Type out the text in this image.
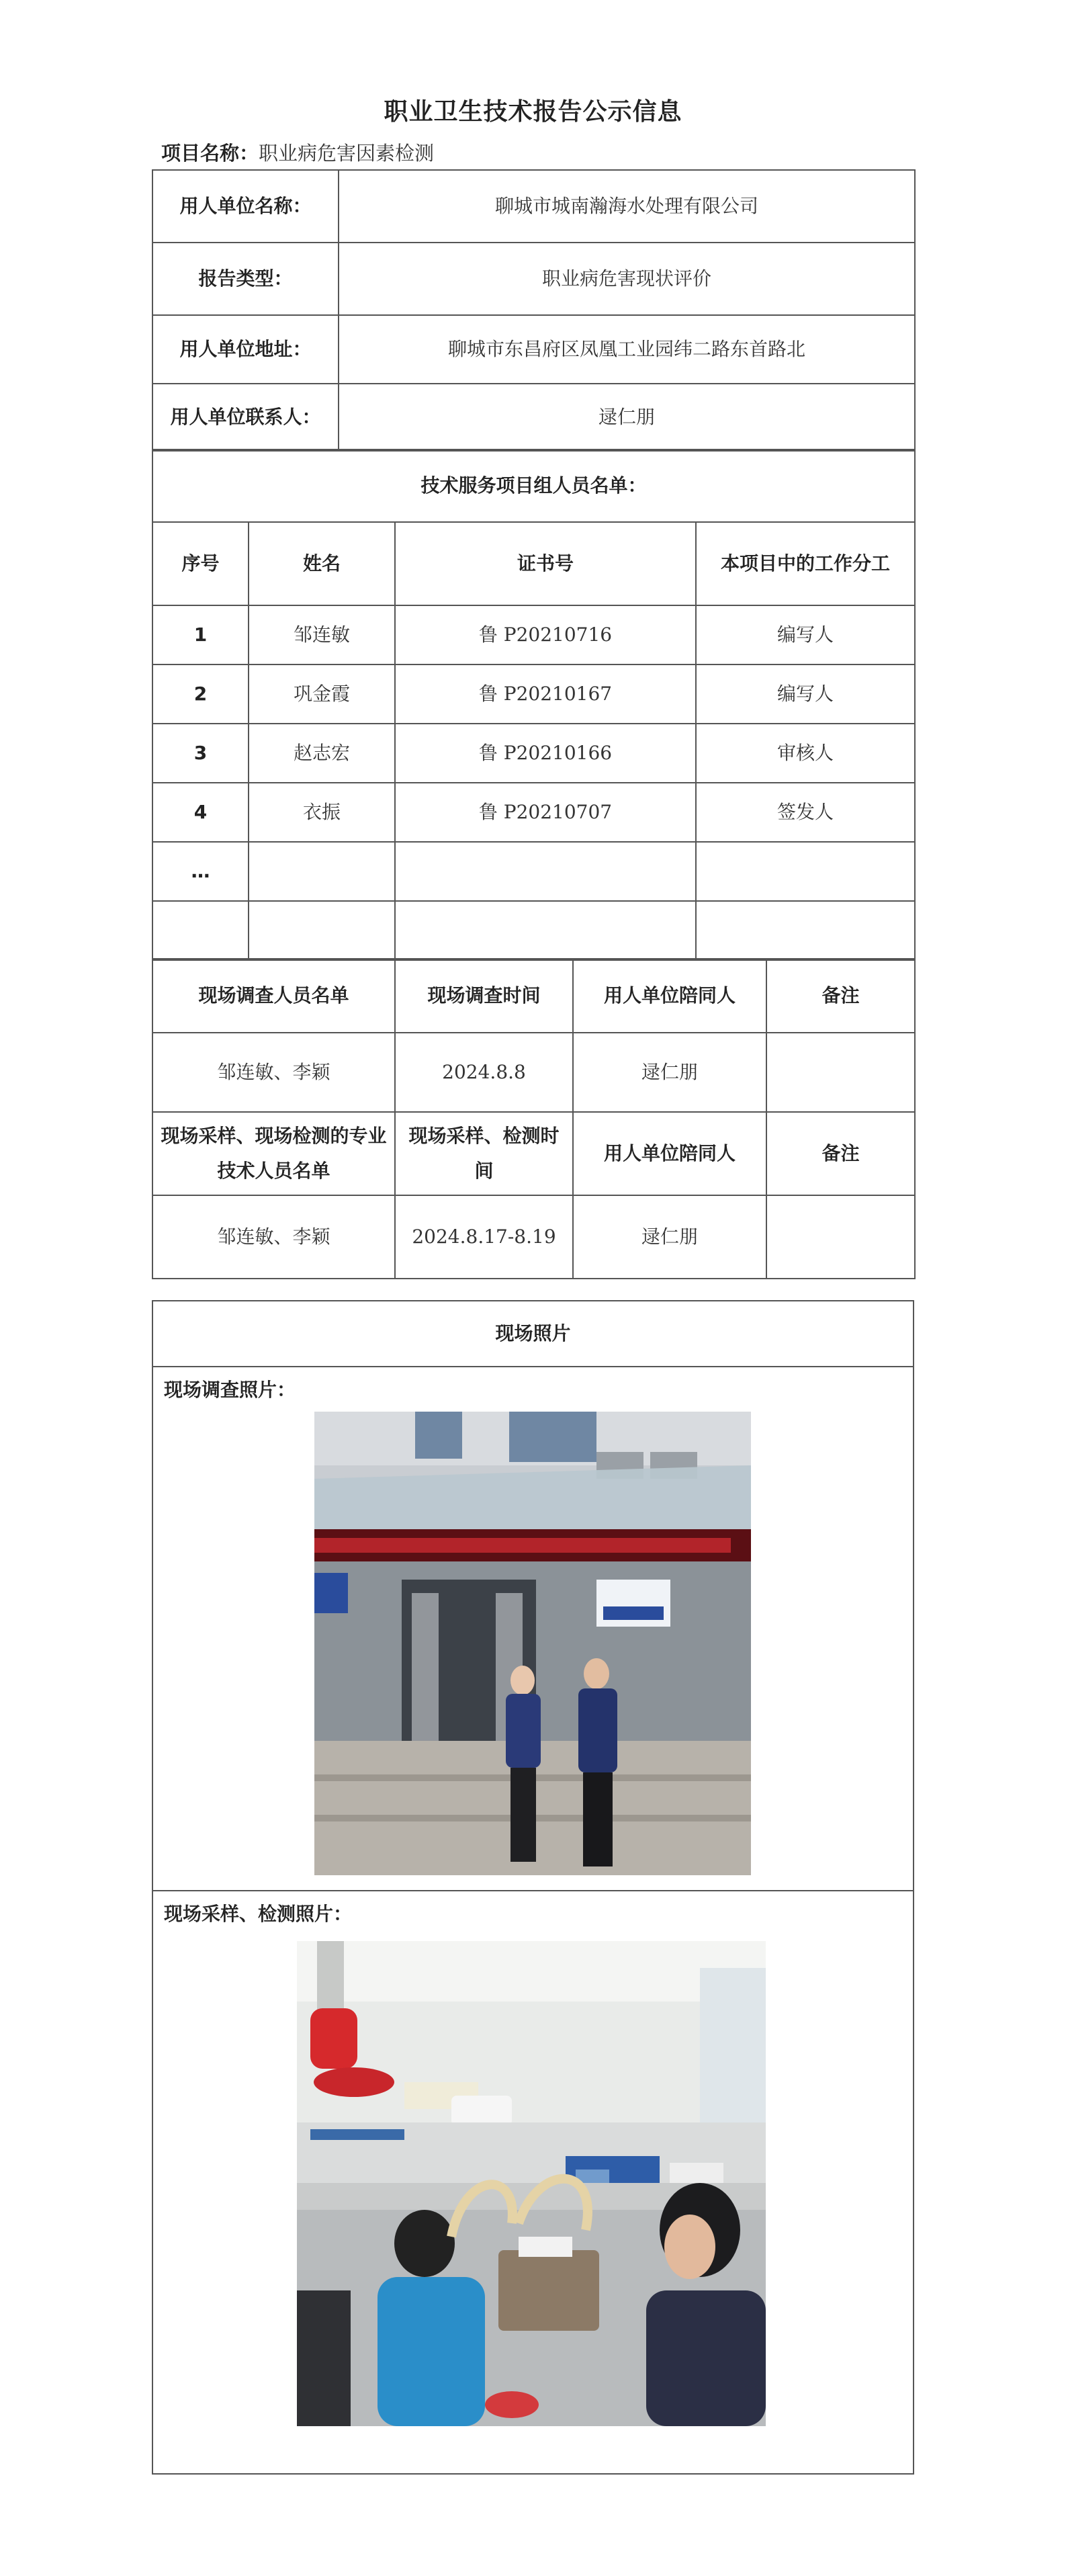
职业卫生技术报告公示信息
项目名称：职业病危害因素检测
用人单位名称：	聊城市城南瀚海水处理有限公司
报告类型：	职业病危害现状评价
用人单位地址：	聊城市东昌府区凤凰工业园纬二路东首路北
用人单位联系人：	逯仁朋
技术服务项目组人员名单：			
序号	姓名	证书号	本项目中的工作分工
1	邹连敏	鲁 P20210716	编写人
2	巩金霞	鲁 P20210167	编写人
3	赵志宏	鲁 P20210166	审核人
4	衣振	鲁 P20210707	签发人
…			

现场调查人员名单	现场调查时间	用人单位陪同人	备注
邹连敏、李颖	2024.8.8	逯仁朋	
现场采样、现场检测的专业技术人员名单	现场采样、检测时间	用人单位陪同人	备注
邹连敏、李颖	2024.8.17-8.19	逯仁朋	
现场照片
现场调查照片：
现场采样、检测照片：
